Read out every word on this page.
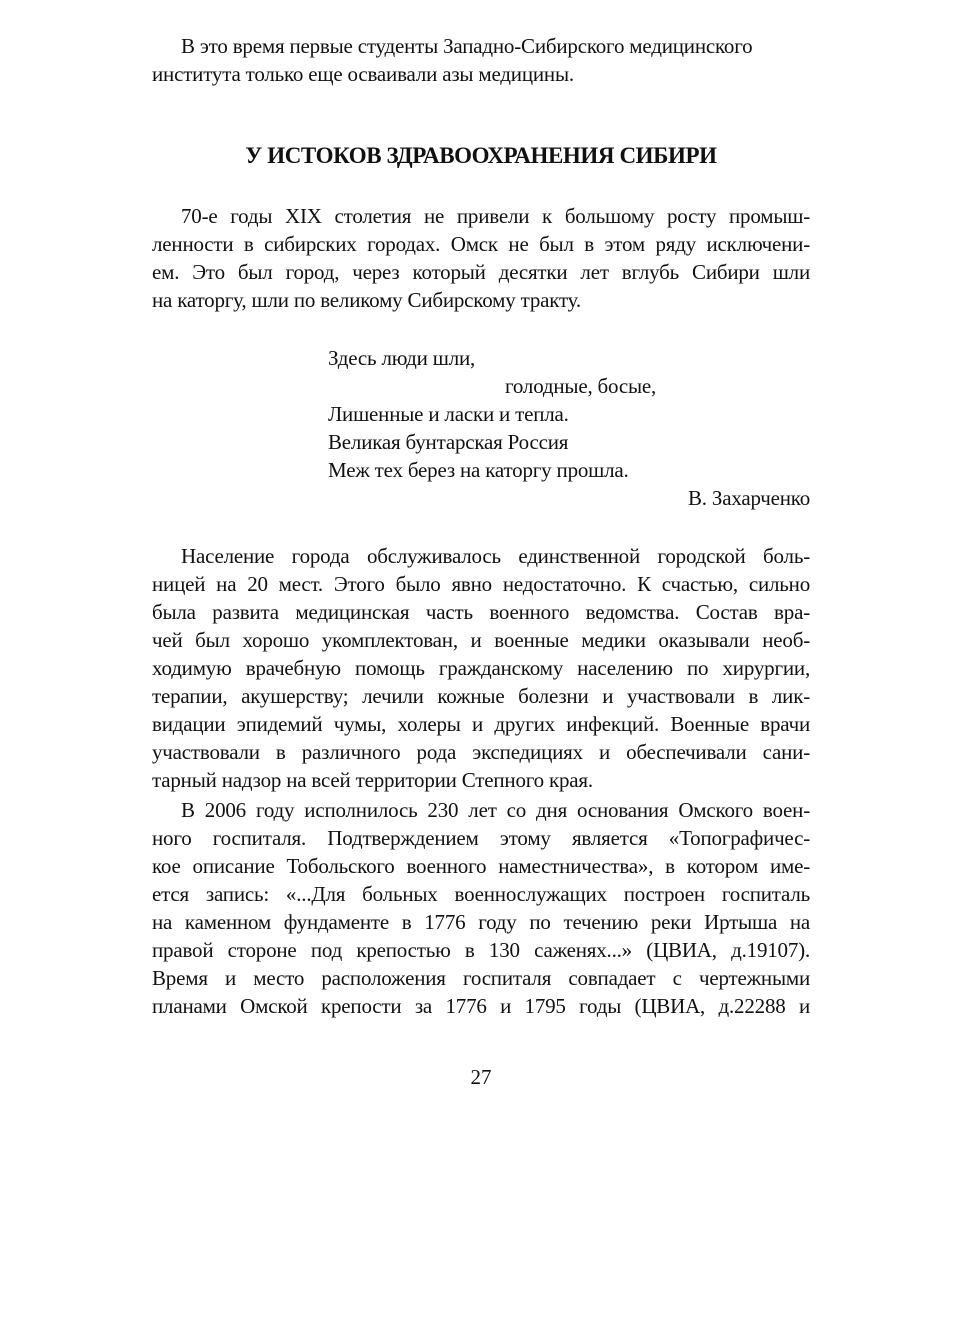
В это время первые студенты Западно-Сибирского медицинского
института только еще осваивали азы медицины.
У ИСТОКОВ ЗДРАВООХРАНЕНИЯ СИБИРИ
70-е годы XIX столетия не привели к большому росту промыш-
ленности в сибирских городах. Омск не был в этом ряду исключени-
ем. Это был город, через который десятки лет вглубь Сибири шли
на каторгу, шли по великому Сибирскому тракту.
Здесь люди шли,
голодные, босые,
Лишенные и ласки и тепла.
Великая бунтарская Россия
Меж тех берез на каторгу прошла.
В. Захарченко
Население города обслуживалось единственной городской боль-
ницей на 20 мест. Этого было явно недостаточно. К счастью, сильно
была развита медицинская часть военного ведомства. Состав вра-
чей был хорошо укомплектован, и военные медики оказывали необ-
ходимую врачебную помощь гражданскому населению по хирургии,
терапии, акушерству; лечили кожные болезни и участвовали в лик-
видации эпидемий чумы, холеры и других инфекций. Военные врачи
участвовали в различного рода экспедициях и обеспечивали сани-
тарный надзор на всей территории Степного края.
В 2006 году исполнилось 230 лет со дня основания Омского воен-
ного госпиталя. Подтверждением этому является «Топографичес-
кое описание Тобольского военного наместничества», в котором име-
ется запись: «...Для больных военнослужащих построен госпиталь
на каменном фундаменте в 1776 году по течению реки Иртыша на
правой стороне под крепостью в 130 саженях...» (ЦВИА, д.19107).
Время и место расположения госпиталя совпадает с чертежными
планами Омской крепости за 1776 и 1795 годы (ЦВИА, д.22288 и
27
